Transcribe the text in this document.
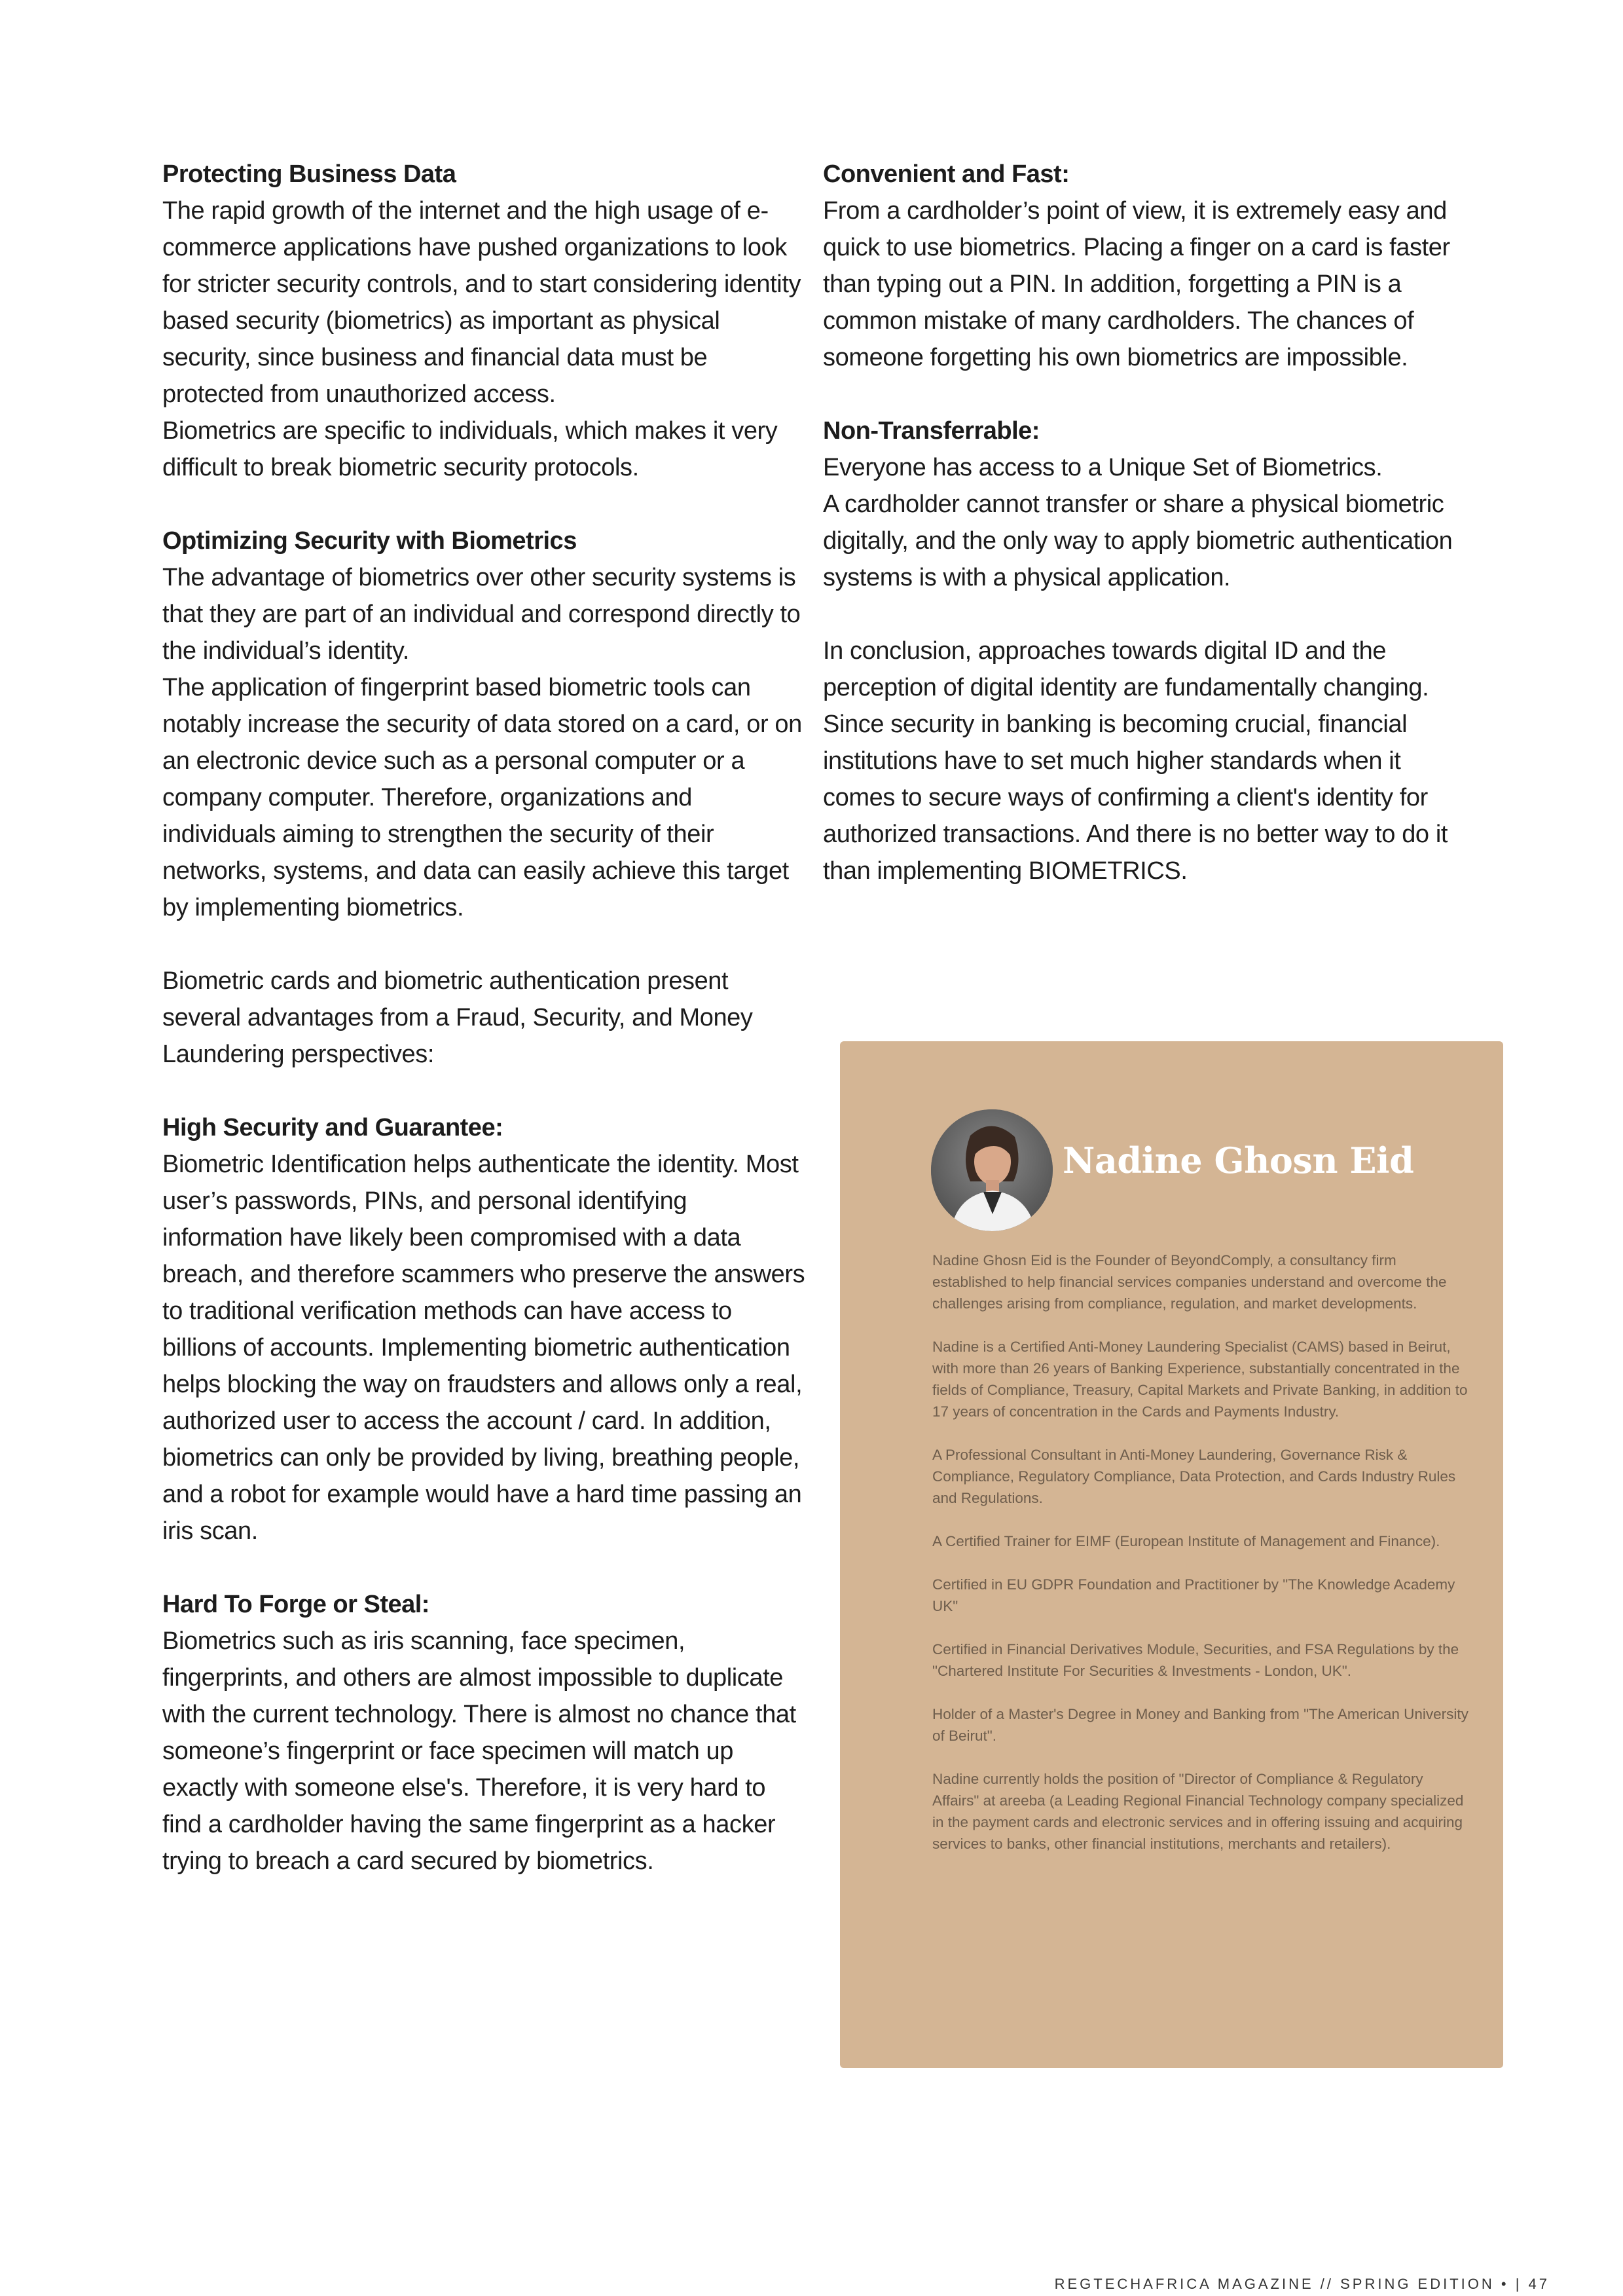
Protecting Business Data

The rapid growth of the internet and the high usage of e-commerce applications have pushed organizations to look for stricter security controls, and to start considering identity based security (biometrics) as important as physical security, since business and financial data must be protected from unauthorized access.

Biometrics are specific to individuals, which makes it very difficult to break biometric security protocols.

Optimizing Security with Biometrics

The advantage of biometrics over other security systems is that they are part of an individual and correspond directly to the individual’s identity.

The application of fingerprint based biometric tools can notably increase the security of data stored on a card, or on an electronic device such as a personal computer or a company computer. Therefore, organizations and individuals aiming to strengthen the security of their networks, systems, and data can easily achieve this target by implementing biometrics.

Biometric cards and biometric authentication present several advantages from a Fraud, Security, and Money Laundering perspectives:

High Security and Guarantee:

Biometric Identification helps authenticate the identity. Most user’s passwords, PINs, and personal identifying information have likely been compromised with a data breach, and therefore scammers who preserve the answers to traditional verification methods can have access to billions of accounts. Implementing biometric authentication helps blocking the way on fraudsters and allows only a real, authorized user to access the account / card. In addition, biometrics can only be provided by living, breathing people, and a robot for example would have a hard time passing an iris scan.

Hard To Forge or Steal:

Biometrics such as iris scanning, face specimen, fingerprints, and others are almost impossible to duplicate with the current technology. There is almost no chance that someone’s fingerprint or face specimen will match up exactly with someone else's. Therefore, it is very hard to find a cardholder having the same fingerprint as a hacker trying to breach a card secured by biometrics.

Convenient and Fast:

From a cardholder’s point of view, it is extremely easy and quick to use biometrics. Placing a finger on a card is faster than typing out a PIN. In addition, forgetting a PIN is a common mistake of many cardholders. The chances of someone forgetting his own biometrics are impossible.

Non-Transferrable:

Everyone has access to a Unique Set of Biometrics.

A cardholder cannot transfer or share a physical biometric digitally, and the only way to apply biometric authentication systems is with a physical application.

In conclusion, approaches towards digital ID and the perception of digital identity are fundamentally changing. Since security in banking is becoming crucial, financial institutions have to set much higher standards when it comes to secure ways of confirming a client's identity for authorized transactions. And there is no better way to do it than implementing BIOMETRICS.

Nadine Ghosn Eid

Nadine Ghosn Eid is the Founder of BeyondComply, a consultancy firm established to help financial services companies understand and overcome the challenges arising from compliance, regulation, and market developments.

Nadine is a Certified Anti-Money Laundering Specialist (CAMS) based in Beirut, with more than 26 years of Banking Experience, substantially concentrated in the fields of Compliance, Treasury, Capital Markets and Private Banking, in addition to 17 years of concentration in the Cards and Payments Industry.

A Professional Consultant in Anti-Money Laundering, Governance Risk & Compliance, Regulatory Compliance, Data Protection, and Cards Industry Rules and Regulations.

A Certified Trainer for EIMF (European Institute of Management and Finance).

Certified in EU GDPR Foundation and Practitioner by "The Knowledge Academy UK"

Certified in Financial Derivatives Module, Securities, and FSA Regulations by the "Chartered Institute For Securities & Investments - London, UK".

Holder of a Master's Degree in Money and Banking from "The American University of Beirut".

Nadine currently holds the position of "Director of Compliance & Regulatory Affairs" at areeba (a Leading Regional Financial Technology company specialized in the payment cards and electronic services and in offering issuing and acquiring services to banks, other financial institutions, merchants and retailers).

REGTECHAFRICA MAGAZINE // SPRING EDITION • | 47
